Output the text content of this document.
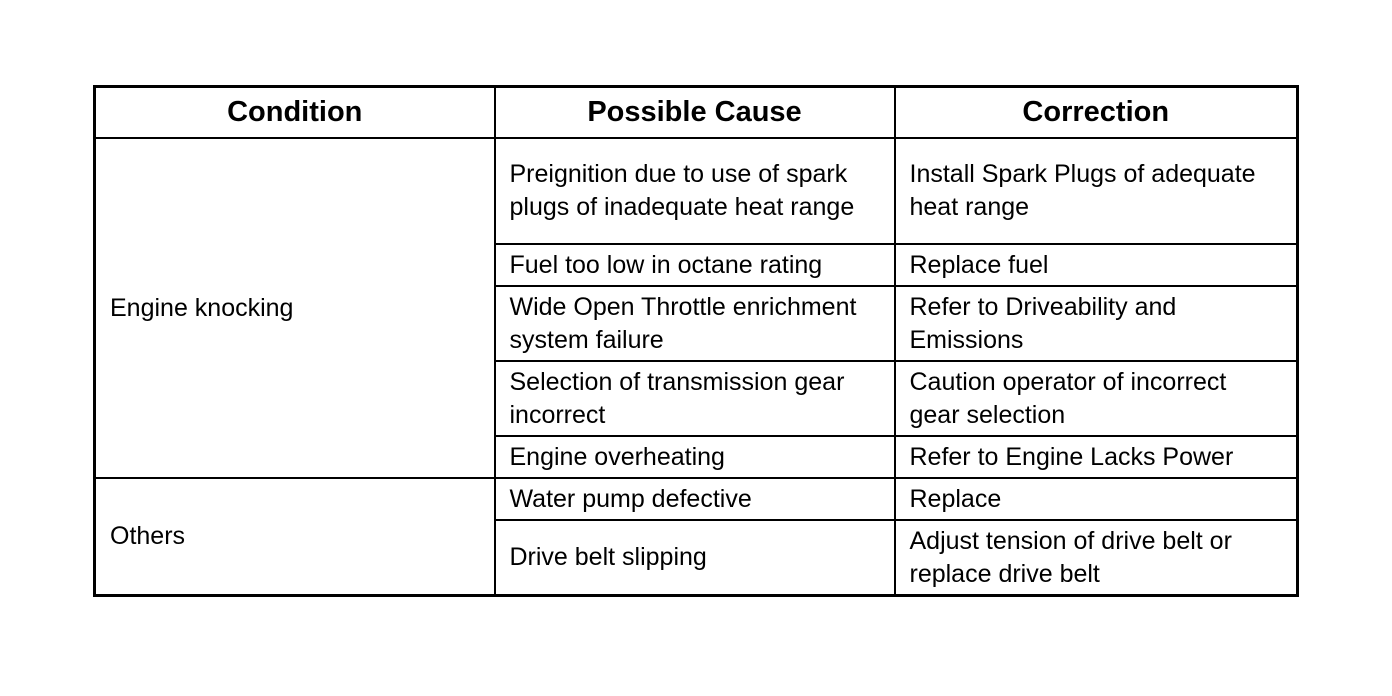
Condition	Possible Cause	Correction
Engine knocking	Preignition due to use of spark plugs of inadequate heat range	Install Spark Plugs of adequate heat range
	Fuel too low in octane rating	Replace fuel
	Wide Open Throttle enrichment system failure	Refer to Driveability and Emissions
	Selection of transmission gear incorrect	Caution operator of incorrect gear selection
	Engine overheating	Refer to Engine Lacks Power
Others	Water pump defective	Replace
	Drive belt slipping	Adjust tension of drive belt or replace drive belt
